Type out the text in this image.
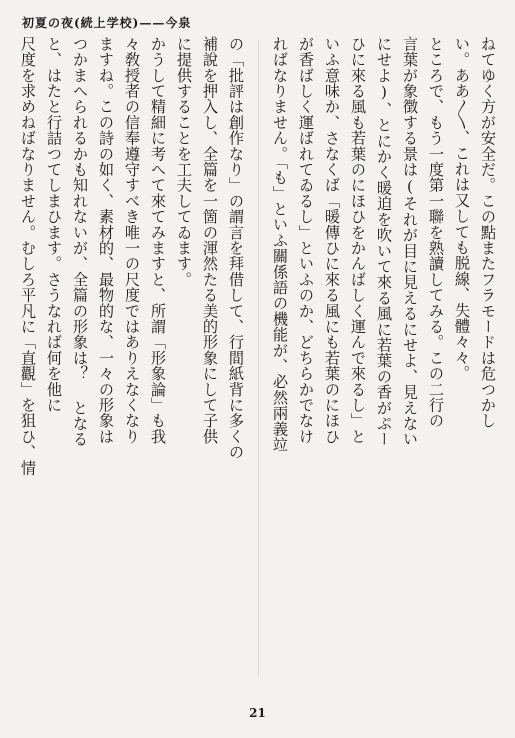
初夏の夜(続上学校)——今泉
ねてゆく方が安全だ。この點またフラモードは危つかし
い。ああ〳〵、これは又しても脱線、失體々々。
ところで、もう一度第一聯を熟讀してみる。この二行の
言葉が象徴する景は(それが目に見えるにせよ、見えない
にせよ)、とにかく暖迫を吹いて來る風に若葉の香がぷー
ひに來る風も若葉のにほひをかんばしく運んで來るし」と
いふ意味か、さなくば「暖傳ひに來る風にも若葉のにほひ
が香ばしく運ばれてゐるし」といふのか、どちらかでなけ
ればなりません。「も」といふ關係語の機能が、必然兩義竝
の「批評は創作なり」の謂言を拜借して、行間紙背に多くの
補說を押入し、全篇を一箇の渾然たる美的形象にして子供
に提供することを工夫してゐます。
かうして精細に考へて來てみますと、所謂「形象論」も我
々敎授者の信奉遵守すべき唯一の尺度ではありえなくなり
ますね。この詩の如く、素材的、最物的な、一々の形象は
つかまへられるかも知れないが、全篇の形象は？ となる
と、はたと行詰つてしまひます。さうなれば何を他に
尺度を求めねばなりません。むしろ平凡に「直觀」を狙ひ、情
21
